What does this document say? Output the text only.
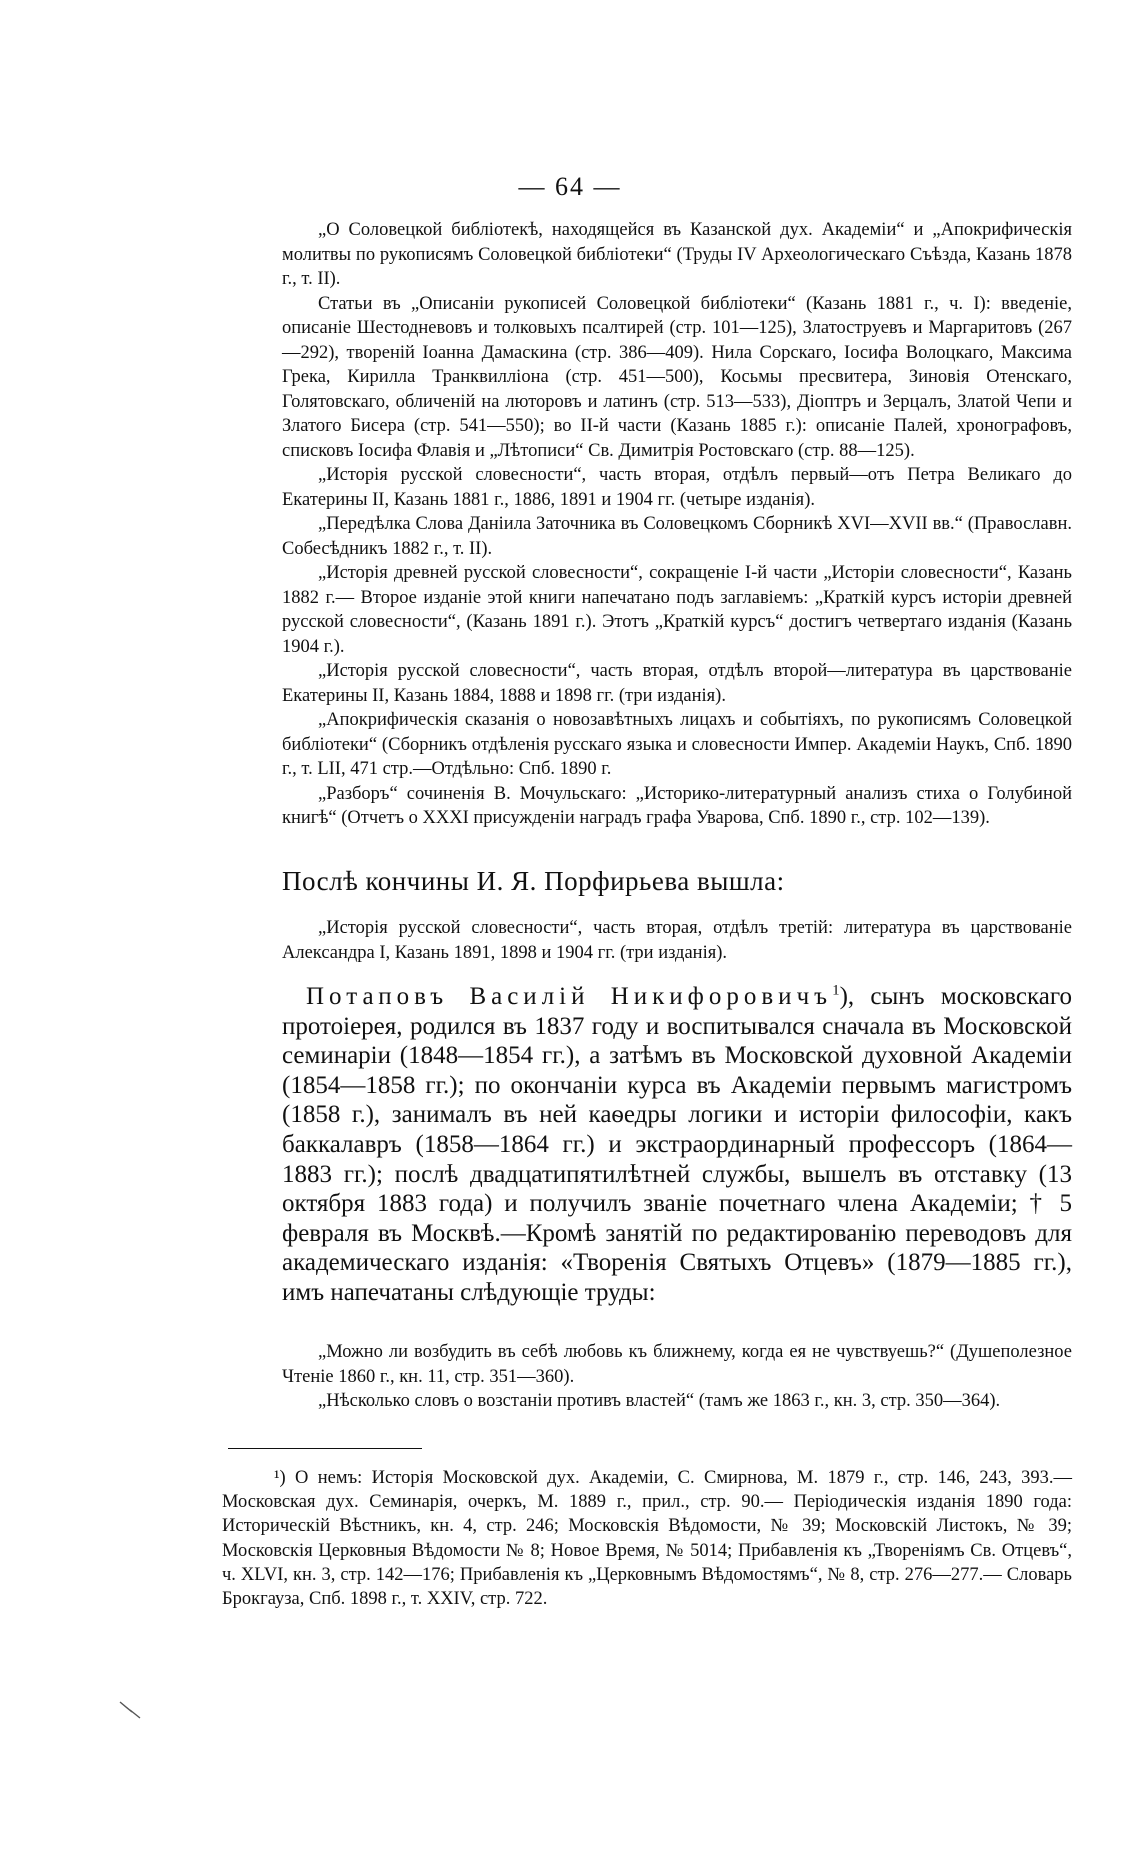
— 64 —

„О Соловецкой библіотекѣ, находящейся въ Казанской дух. Академіи“ и „Апокрифическія молитвы по рукописямъ Соловецкой библіотеки“ (Труды IV Археологическаго Съѣзда, Казань 1878 г., т. II).

Статьи въ „Описаніи рукописей Соловецкой библіотеки“ (Казань 1881 г., ч. I): введеніе, описаніе Шестодневовъ и толковыхъ псалтирей (стр. 101—125), Златоструевъ и Маргаритовъ (267—292), твореній Іоанна Дамаскина (стр. 386—409). Нила Сорскаго, Іосифа Волоцкаго, Максима Грека, Кирилла Транквилліона (стр. 451—500), Косьмы пресвитера, Зиновія Отенскаго, Голятовскаго, обличеній на люторовъ и латинъ (стр. 513—533), Діоптръ и Зерцалъ, Златой Чепи и Златого Бисера (стр. 541—550); во II-й части (Казань 1885 г.): описаніе Палей, хронографовъ, списковъ Іосифа Флавія и „Лѣтописи“ Св. Димитрія Ростовскаго (стр. 88—125).

„Исторія русской словесности“, часть вторая, отдѣлъ первый—отъ Петра Великаго до Екатерины II, Казань 1881 г., 1886, 1891 и 1904 гг. (четыре изданія).

„Передѣлка Слова Даніила Заточника въ Соловецкомъ Сборникѣ XVI—XVII вв.“ (Православн. Собесѣдникъ 1882 г., т. II).

„Исторія древней русской словесности“, сокращеніе I-й части „Исторіи словесности“, Казань 1882 г.— Второе изданіе этой книги напечатано подъ заглавіемъ: „Краткій курсъ исторіи древней русской словесности“, (Казань 1891 г.). Этотъ „Краткій курсъ“ достигъ четвертаго изданія (Казань 1904 г.).

„Исторія русской словесности“, часть вторая, отдѣлъ второй—литература въ царствованіе Екатерины II, Казань 1884, 1888 и 1898 гг. (три изданія).

„Апокрифическія сказанія о новозавѣтныхъ лицахъ и событіяхъ, по рукописямъ Соловецкой библіотеки“ (Сборникъ отдѣленія русскаго языка и словесности Импер. Академіи Наукъ, Спб. 1890 г., т. LII, 471 стр.—Отдѣльно: Спб. 1890 г.

„Разборъ“ сочиненія В. Мочульскаго: „Историко-литературный анализъ стиха о Голубиной книгѣ“ (Отчетъ о XXXI присужденіи наградъ графа Уварова, Спб. 1890 г., стр. 102—139).

Послѣ кончины И. Я. Порфирьева вышла:

„Исторія русской словесности“, часть вторая, отдѣлъ третій: литература въ царствованіе Александра I, Казань 1891, 1898 и 1904 гг. (три изданія).

Потаповъ Василій Никифоровичъ$^1$), сынъ московскаго протоіерея, родился въ 1837 году и воспитывался сначала въ Московской семинаріи (1848—1854 гг.), а затѣмъ въ Московской духовной Академіи (1854—1858 гг.); по окончаніи курса въ Академіи первымъ магистромъ (1858 г.), занималъ въ ней каѳедры логики и исторіи философіи, какъ баккалавръ (1858—1864 гг.) и экстраординарный профессоръ (1864—1883 гг.); послѣ двадцатипятилѣтней службы, вышелъ въ отставку (13 октября 1883 года) и получилъ званіе почетнаго члена Академіи; † 5 февраля въ Москвѣ.—Кромѣ занятій по редактированію переводовъ для академическаго изданія: «Творенія Святыхъ Отцевъ» (1879—1885 гг.), имъ напечатаны слѣдующіе труды:

„Можно ли возбудить въ себѣ любовь къ ближнему, когда ея не чувствуешь?“ (Душеполезное Чтеніе 1860 г., кн. 11, стр. 351—360).

„Нѣсколько словъ о возстаніи противъ властей“ (тамъ же 1863 г., кн. 3, стр. 350—364).

¹) О немъ: Исторія Московской дух. Академіи, С. Смирнова, М. 1879 г., стр. 146, 243, 393.—Московская дух. Семинарія, очеркъ, М. 1889 г., прил., стр. 90.— Періодическія изданія 1890 года: Историческій Вѣстникъ, кн. 4, стр. 246; Московскія Вѣдомости, № 39; Московскій Листокъ, № 39; Московскія Церковныя Вѣдомости № 8; Новое Время, № 5014; Прибавленія къ „Твореніямъ Св. Отцевъ“, ч. XLVI, кн. 3, стр. 142—176; Прибавленія къ „Церковнымъ Вѣдомостямъ“, № 8, стр. 276—277.— Словарь Брокгауза, Спб. 1898 г., т. XXIV, стр. 722.
